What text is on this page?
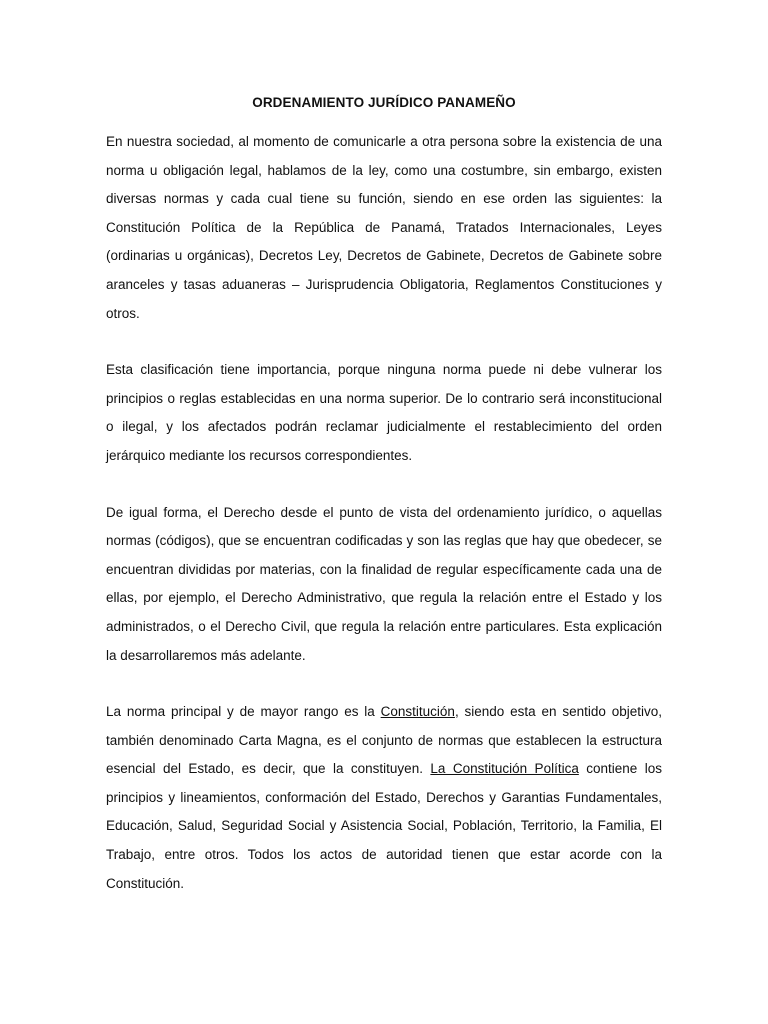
ORDENAMIENTO JURÍDICO PANAMEÑO

En nuestra sociedad, al momento de comunicarle a otra persona sobre la existencia de una norma u obligación legal, hablamos de la ley, como una costumbre, sin embargo, existen diversas normas y cada cual tiene su función, siendo en ese orden las siguientes: la Constitución Política de la República de Panamá, Tratados Internacionales, Leyes (ordinarias u orgánicas), Decretos Ley, Decretos de Gabinete, Decretos de Gabinete sobre aranceles y tasas aduaneras – Jurisprudencia Obligatoria, Reglamentos Constituciones y otros.

Esta clasificación tiene importancia, porque ninguna norma puede ni debe vulnerar los principios o reglas establecidas en una norma superior. De lo contrario será inconstitucional o ilegal, y los afectados podrán reclamar judicialmente el restablecimiento del orden jerárquico mediante los recursos correspondientes.

De igual forma, el Derecho desde el punto de vista del ordenamiento jurídico, o aquellas normas (códigos), que se encuentran codificadas y son las reglas que hay que obedecer, se encuentran divididas por materias, con la finalidad de regular específicamente cada una de ellas, por ejemplo, el Derecho Administrativo, que regula la relación entre el Estado y los administrados, o el Derecho Civil, que regula la relación entre particulares. Esta explicación la desarrollaremos más adelante.

La norma principal y de mayor rango es la Constitución, siendo esta en sentido objetivo, también denominado Carta Magna, es el conjunto de normas que establecen la estructura esencial del Estado, es decir, que la constituyen. La Constitución Política contiene los principios y lineamientos, conformación del Estado, Derechos y Garantias Fundamentales, Educación, Salud, Seguridad Social y Asistencia Social, Población, Territorio, la Familia, El Trabajo, entre otros. Todos los actos de autoridad tienen que estar acorde con la Constitución.
